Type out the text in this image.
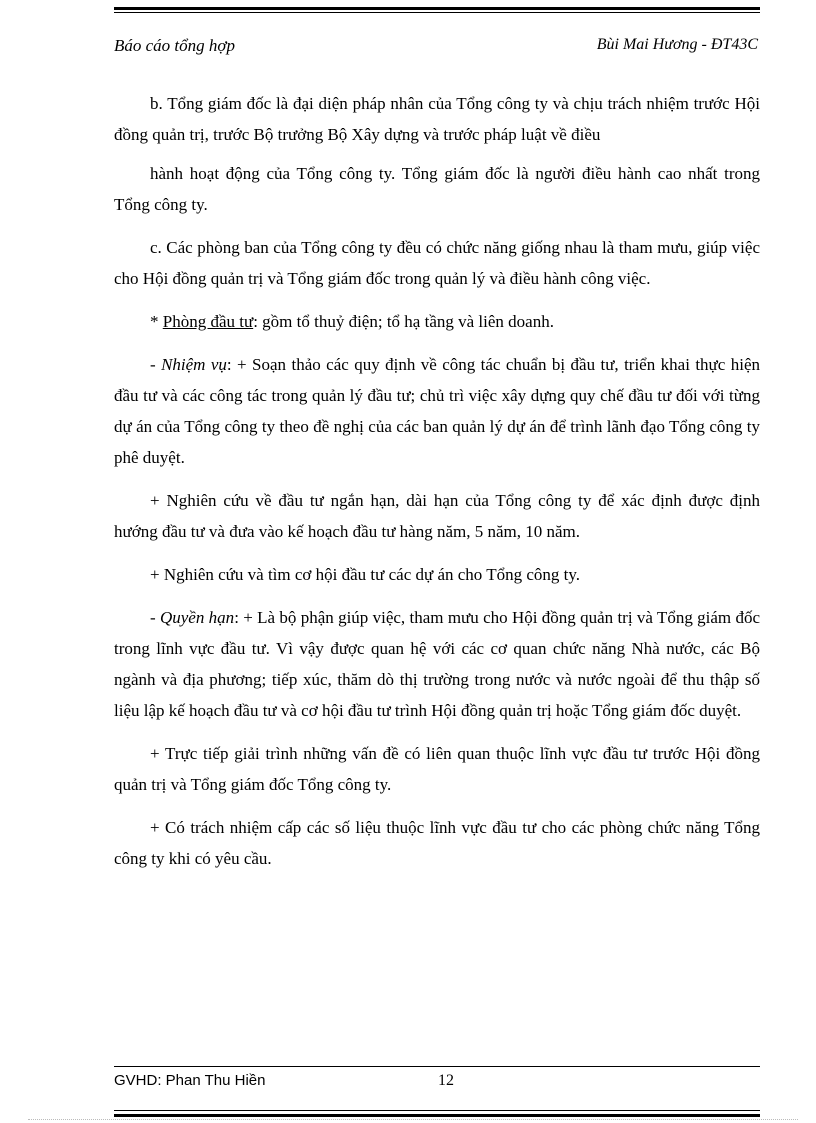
Báo cáo tổng hợp	Bùi Mai Hương - ĐT43C

b. Tổng giám đốc là đại diện pháp nhân của Tổng công ty và chịu trách nhiệm trước Hội đồng quản trị, trước Bộ trưởng Bộ Xây dựng và trước pháp luật về điều

hành hoạt động của Tổng công ty. Tổng giám đốc là người điều hành cao nhất trong Tổng công ty.

c. Các phòng ban của Tổng công ty đều có chức năng giống nhau là tham mưu, giúp việc cho Hội đồng quản trị và Tổng giám đốc trong quản lý và điều hành công việc.

* Phòng đầu tư: gồm tổ thuỷ điện; tổ hạ tầng và liên doanh.

- Nhiệm vụ: + Soạn thảo các quy định về công tác chuẩn bị đầu tư, triển khai thực hiện đầu tư và các công tác trong quản lý đầu tư; chủ trì việc xây dựng quy chế đầu tư đối với từng dự án của Tổng công ty theo đề nghị của các ban quản lý dự án để trình lãnh đạo Tổng công ty phê duyệt.

+ Nghiên cứu về đầu tư ngắn hạn, dài hạn của Tổng công ty để xác định được định hướng đầu tư và đưa vào kế hoạch đầu tư hàng năm, 5 năm, 10 năm.

+ Nghiên cứu và tìm cơ hội đầu tư các dự án cho Tổng công ty.

- Quyền hạn: + Là bộ phận giúp việc, tham mưu cho Hội đồng quản trị và Tổng giám đốc trong lĩnh vực đầu tư. Vì vậy được quan hệ với các cơ quan chức năng Nhà nước, các Bộ ngành và địa phương; tiếp xúc, thăm dò thị trường trong nước và nước ngoài để thu thập số liệu lập kế hoạch đầu tư và cơ hội đầu tư trình Hội đồng quản trị hoặc Tổng giám đốc duyệt.

+ Trực tiếp giải trình những vấn đề có liên quan thuộc lĩnh vực đầu tư trước Hội đồng quản trị và Tổng giám đốc Tổng công ty.

+ Có trách nhiệm cấp các số liệu thuộc lĩnh vực đầu tư cho các phòng chức năng Tổng công ty khi có yêu cầu.

GVHD: Phan Thu Hiền	12
